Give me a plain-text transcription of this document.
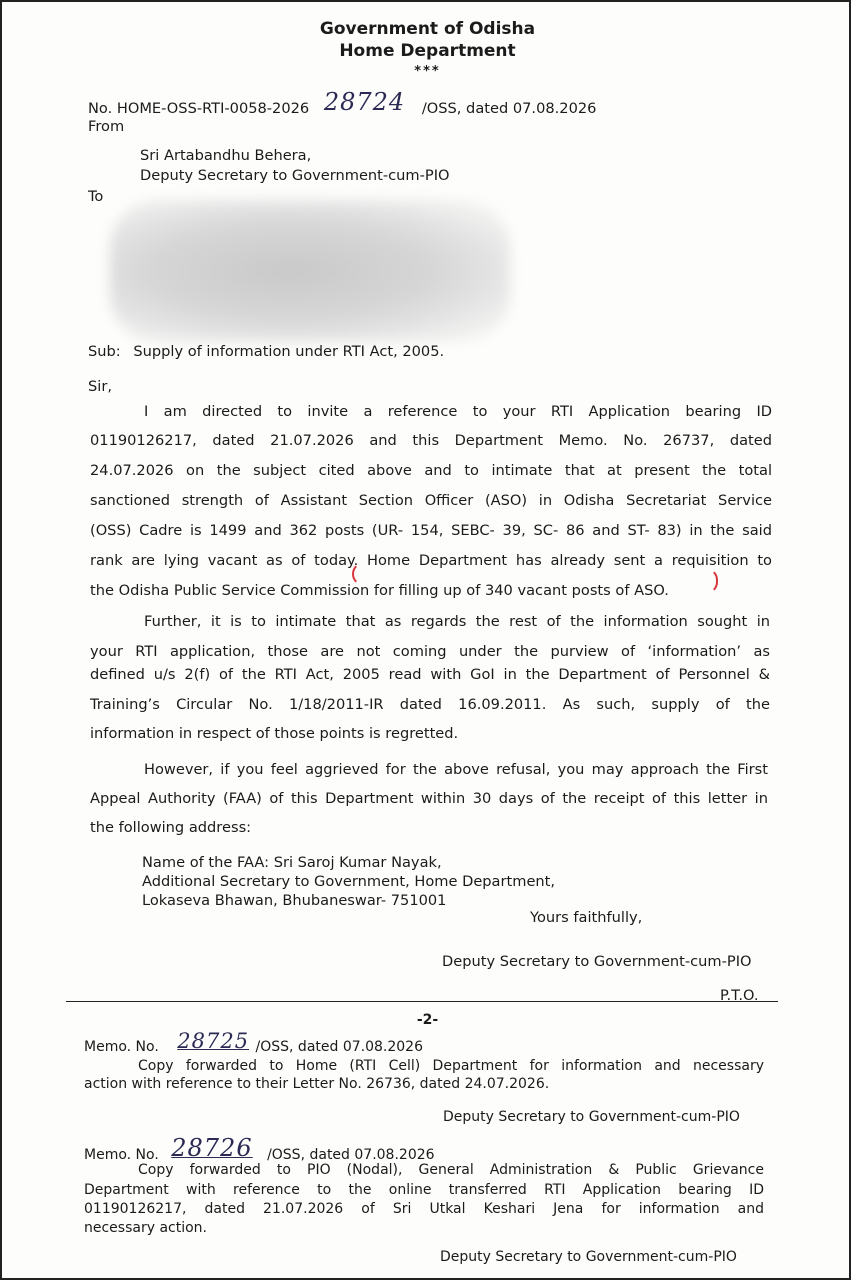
Government of Odisha
Home Department
***
No. HOME-OSS-RTI-0058-2026 28724 /OSS, dated 07.08.2026
From
Sri Artabandhu Behera,
Deputy Secretary to Government-cum-PIO
To
Sub: Supply of information under RTI Act, 2005.
Sir,
I am directed to invite a reference to your RTI Application bearing ID
01190126217, dated 21.07.2026 and this Department Memo. No. 26737, dated
24.07.2026 on the subject cited above and to intimate that at present the total
sanctioned strength of Assistant Section Officer (ASO) in Odisha Secretariat Service
(OSS) Cadre is 1499 and 362 posts (UR- 154, SEBC- 39, SC- 86 and ST- 83) in the said
rank are lying vacant as of today. Home Department has already sent a requisition to
the Odisha Public Service Commission for filling up of 340 vacant posts of ASO.
Further, it is to intimate that as regards the rest of the information sought in
your RTI application, those are not coming under the purview of ‘information’ as
defined u/s 2(f) of the RTI Act, 2005 read with GoI in the Department of Personnel &
Training’s Circular No. 1/18/2011-IR dated 16.09.2011. As such, supply of the
information in respect of those points is regretted.
However, if you feel aggrieved for the above refusal, you may approach the First
Appeal Authority (FAA) of this Department within 30 days of the receipt of this letter in
the following address:
Name of the FAA: Sri Saroj Kumar Nayak,
Additional Secretary to Government, Home Department,
Lokaseva Bhawan, Bhubaneswar- 751001
Yours faithfully,
Deputy Secretary to Government-cum-PIO
P.T.O.
-2-
Memo. No. 28725 /OSS, dated 07.08.2026
Copy forwarded to Home (RTI Cell) Department for information and necessary
action with reference to their Letter No. 26736, dated 24.07.2026.
Deputy Secretary to Government-cum-PIO
Memo. No. 28726 /OSS, dated 07.08.2026
Copy forwarded to PIO (Nodal), General Administration & Public Grievance
Department with reference to the online transferred RTI Application bearing ID
01190126217, dated 21.07.2026 of Sri Utkal Keshari Jena for information and
necessary action.
Deputy Secretary to Government-cum-PIO
